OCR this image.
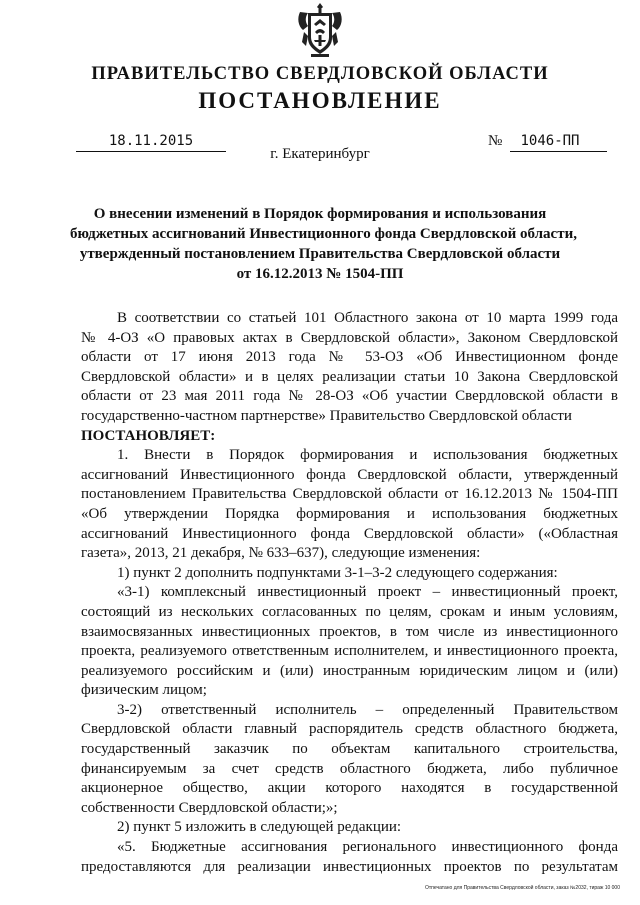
ПРАВИТЕЛЬСТВО СВЕРДЛОВСКОЙ ОБЛАСТИ
ПОСТАНОВЛЕНИЕ
18.11.2015	№	1046-ПП
г. Екатеринбург
О внесении изменений в Порядок формирования и использования
бюджетных ассигнований Инвестиционного фонда Свердловской области,
утвержденный постановлением Правительства Свердловской области
от 16.12.2013 № 1504-ПП
В соответствии со статьей 101 Областного закона от 10 марта 1999 года
№ 4-ОЗ «О правовых актах в Свердловской области», Законом Свердловской
области от 17 июня 2013 года № 53-ОЗ «Об Инвестиционном фонде
Свердловской области» и в целях реализации статьи 10 Закона Свердловской
области от 23 мая 2011 года № 28-ОЗ «Об участии Свердловской области в
государственно-частном партнерстве» Правительство Свердловской области
ПОСТАНОВЛЯЕТ:
1. Внести в Порядок формирования и использования бюджетных
ассигнований Инвестиционного фонда Свердловской области, утвержденный
постановлением Правительства Свердловской области от 16.12.2013 № 1504-ПП
«Об утверждении Порядка формирования и использования бюджетных
ассигнований Инвестиционного фонда Свердловской области» («Областная
газета», 2013, 21 декабря, № 633–637), следующие изменения:
1) пункт 2 дополнить подпунктами 3-1–3-2 следующего содержания:
«3-1) комплексный инвестиционный проект – инвестиционный проект,
состоящий из нескольких согласованных по целям, срокам и иным условиям,
взаимосвязанных инвестиционных проектов, в том числе из инвестиционного
проекта, реализуемого ответственным исполнителем, и инвестиционного проекта,
реализуемого российским и (или) иностранным юридическим лицом и (или)
физическим лицом;
3-2) ответственный исполнитель – определенный Правительством
Свердловской области главный распорядитель средств областного бюджета,
государственный заказчик по объектам капитального строительства,
финансируемым за счет средств областного бюджета, либо публичное
акционерное общество, акции которого находятся в государственной
собственности Свердловской области;»;
2) пункт 5 изложить в следующей редакции:
«5. Бюджетные ассигнования регионального инвестиционного фонда
предоставляются для реализации инвестиционных проектов по результатам
Отпечатано для Правительства Свердловской области, заказ №2032, тираж 10 000
